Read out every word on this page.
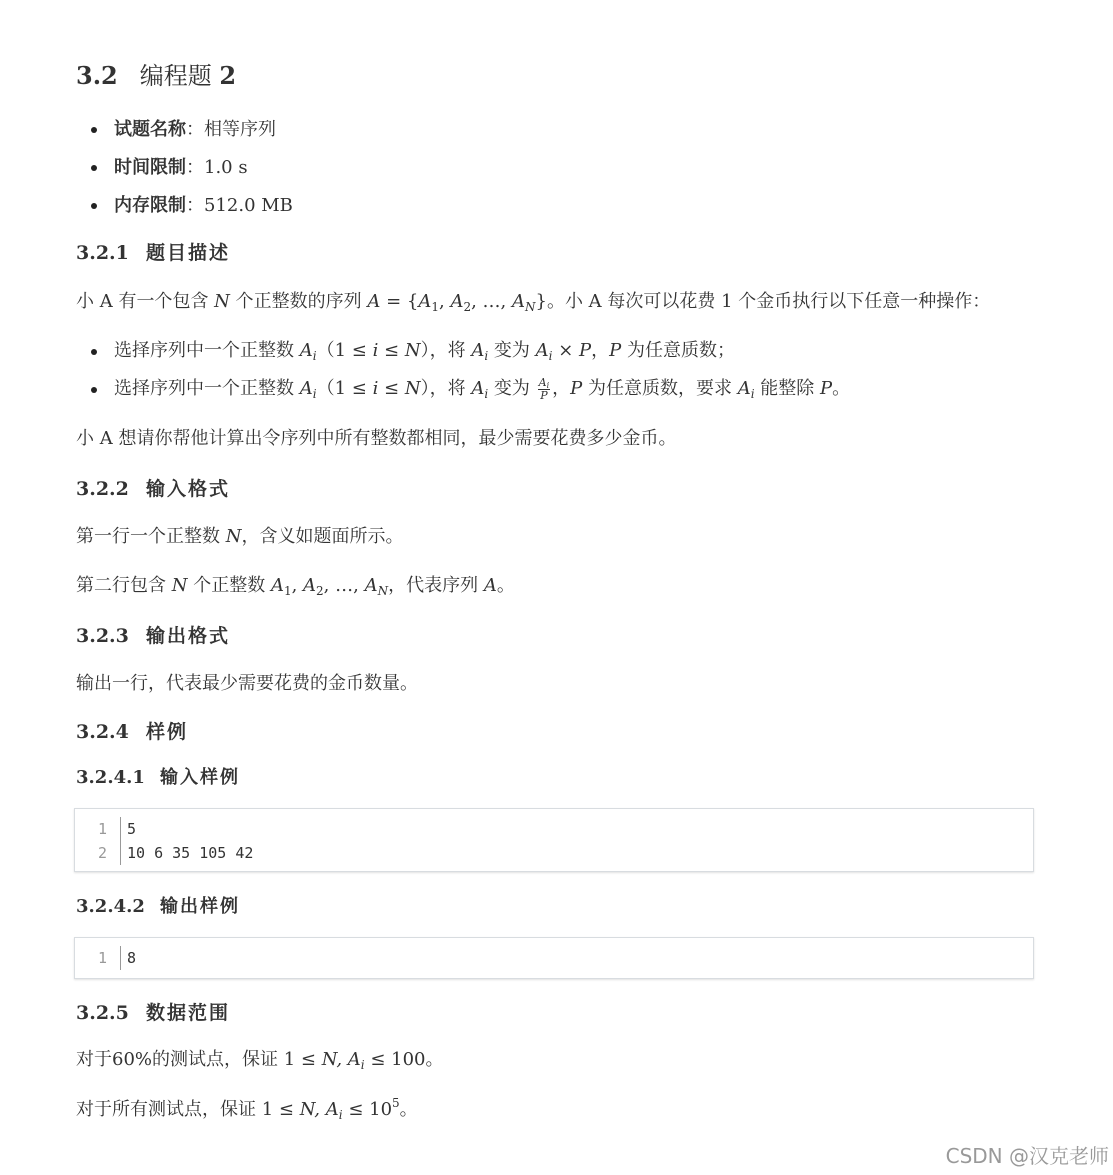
3.2 编程题 2
试题名称：相等序列
时间限制：1.0 s
内存限制：512.0 MB
3.2.1 题目描述
小 A 有一个包含 N 个正整数的序列 $A = \{A_1$, $A_2$, …, $A_N$}。小 A 每次可以花费 1 个金币执行以下任意一种操作：
选择序列中一个正整数 $A_i(1 \le i \le N)$，将 $A_i$ 变为 $A_i \times P$，P 为任意质数；
选择序列中一个正整数 $A_i(1 \le i \le N)$，将 $A_i$ 变为 $\frac{A_i}{P}$ ，P 为任意质数，要求 $A_i$ 能整除 P。
小 A 想请你帮他计算出令序列中所有整数都相同，最少需要花费多少金币。
3.2.2 输入格式
第一行一个正整数 N，含义如题面所示。
第二行包含 N 个正整数 $A_1$, $A_2$, …, $A_N$，代表序列 A。
3.2.3 输出格式
输出一行，代表最少需要花费的金币数量。
3.2.4 样例
3.2.4.1 输入样例
1 5
2 10 6 35 105 42
3.2.4.2 输出样例
1 8
3.2.5 数据范围
对于60%的测试点，保证 1 ≤ N, $A_i \le 100$。
对于所有测试点，保证 1 ≤ N, $A_i \le 10^5$。
CSDN @汉克老师
